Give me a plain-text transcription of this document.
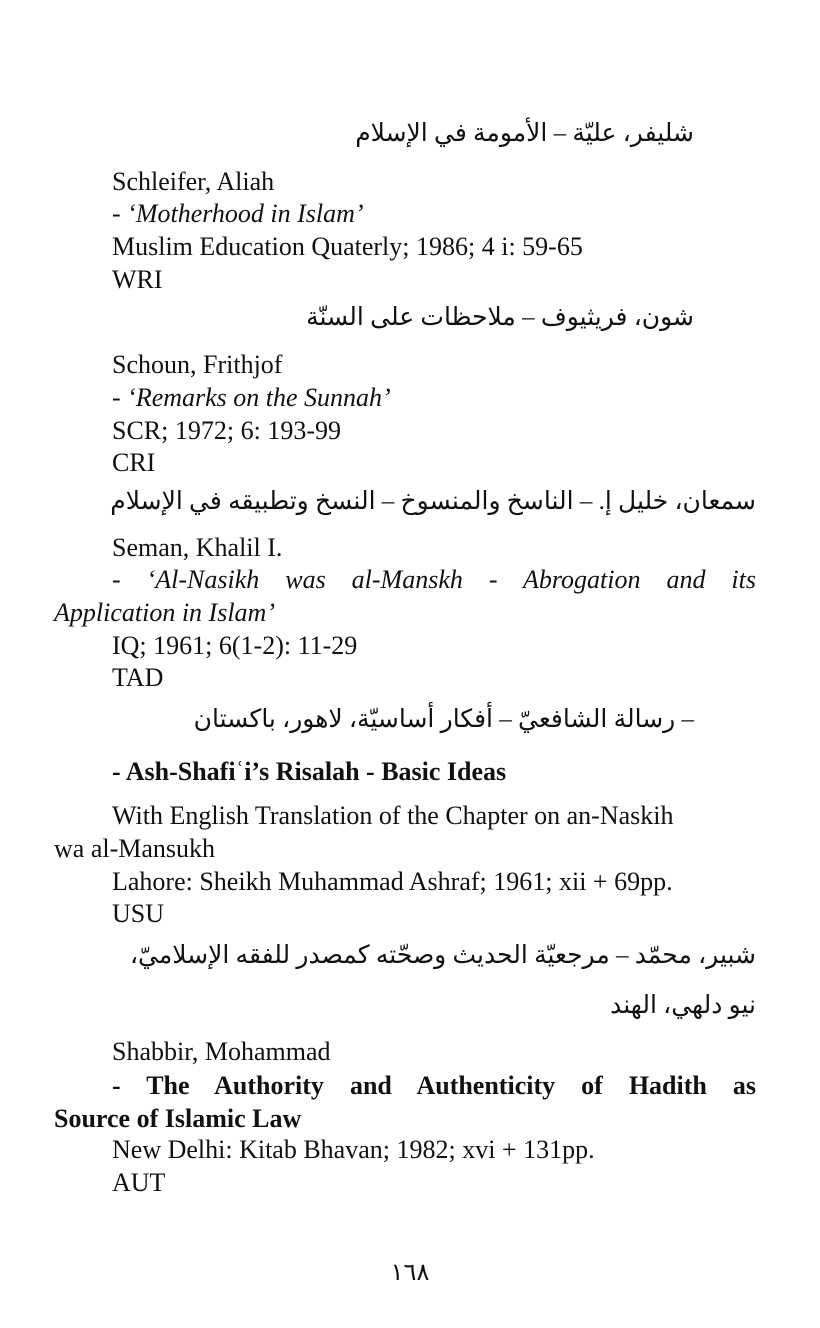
شليفر، عليّة – الأمومة في الإسلام
Schleifer, Aliah
- ‘Motherhood in Islam’
Muslim Education Quaterly; 1986; 4 i: 59-65
WRI
شون، فريثيوف – ملاحظات على السنّة
Schoun, Frithjof
- ‘Remarks on the Sunnah’
SCR; 1972; 6: 193-99
CRI
سمعان، خليل إ. – الناسخ والمنسوخ – النسخ وتطبيقه في الإسلام
Seman, Khalil I.
- ‘Al-Nasikh was al-Manskh - Abrogation and its
Application in Islam’
IQ; 1961; 6(1-2): 11-29
TAD
– رسالة الشافعيّ – أفكار أساسيّة، لاهور، باكستان
- Ash-Shafiʿi’s Risalah - Basic Ideas
With English Translation of the Chapter on an-Naskih
wa al-Mansukh
Lahore: Sheikh Muhammad Ashraf; 1961; xii + 69pp.
USU
شبير، محمّد – مرجعيّة الحديث وصحّته كمصدر للفقه الإسلاميّ،
نيو دلهي، الهند
Shabbir, Mohammad
- The Authority and Authenticity of Hadith as
Source of Islamic Law
New Delhi: Kitab Bhavan; 1982; xvi + 131pp.
AUT
١٦٨
